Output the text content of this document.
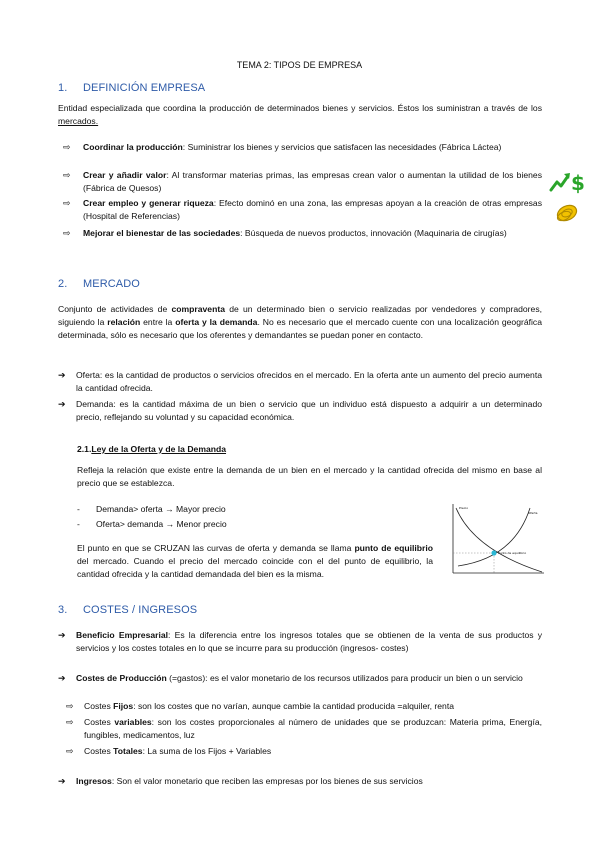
TEMA 2: TIPOS DE EMPRESA
1. DEFINICIÓN EMPRESA
Entidad especializada que coordina la producción de determinados bienes y servicios. Éstos los suministran a través de los mercados.
⇨ Coordinar la producción: Suministrar los bienes y servicios que satisfacen las necesidades (Fábrica Láctea)
⇨ Crear y añadir valor: Al transformar materias primas, las empresas crean valor o aumentan la utilidad de los bienes (Fábrica de Quesos)
⇨ Crear empleo y generar riqueza: Efecto dominó en una zona, las empresas apoyan a la creación de otras empresas (Hospital de Referencias)
⇨ Mejorar el bienestar de las sociedades: Búsqueda de nuevos productos, innovación (Maquinaria de cirugías)
$
2. MERCADO
Conjunto de actividades de compraventa de un determinado bien o servicio realizadas por vendedores y compradores, siguiendo la relación entre la oferta y la demanda. No es necesario que el mercado cuente con una localización geográfica determinada, sólo es necesario que los oferentes y demandantes se puedan poner en contacto.
➔ Oferta: es la cantidad de productos o servicios ofrecidos en el mercado. En la oferta ante un aumento del precio aumenta la cantidad ofrecida.
➔ Demanda: es la cantidad máxima de un bien o servicio que un individuo está dispuesto a adquirir a un determinado precio, reflejando su voluntad y su capacidad económica.
2.1.Ley de la Oferta y de la Demanda
Refleja la relación que existe entre la demanda de un bien en el mercado y la cantidad ofrecida del mismo en base al precio que se establezca.
- Demanda> oferta → Mayor precio
- Oferta> demanda → Menor precio
El punto en que se CRUZAN las curvas de oferta y demanda se llama punto de equilibrio del mercado. Cuando el precio del mercado coincide con el del punto de equilibrio, la cantidad ofrecida y la cantidad demandada del bien es la misma.
Precio
Oferta
Punto de equilibrio
3. COSTES / INGRESOS
➔ Beneficio Empresarial: Es la diferencia entre los ingresos totales que se obtienen de la venta de sus productos y servicios y los costes totales en lo que se incurre para su producción (ingresos- costes)
➔ Costes de Producción (=gastos): es el valor monetario de los recursos utilizados para producir un bien o un servicio
⇨ Costes Fijos: son los costes que no varían, aunque cambie la cantidad producida =alquiler, renta
⇨ Costes variables: son los costes proporcionales al número de unidades que se produzcan: Materia prima, Energía, fungibles, medicamentos, luz
⇨ Costes Totales: La suma de los Fijos + Variables
➔ Ingresos: Son el valor monetario que reciben las empresas por los bienes de sus servicios
